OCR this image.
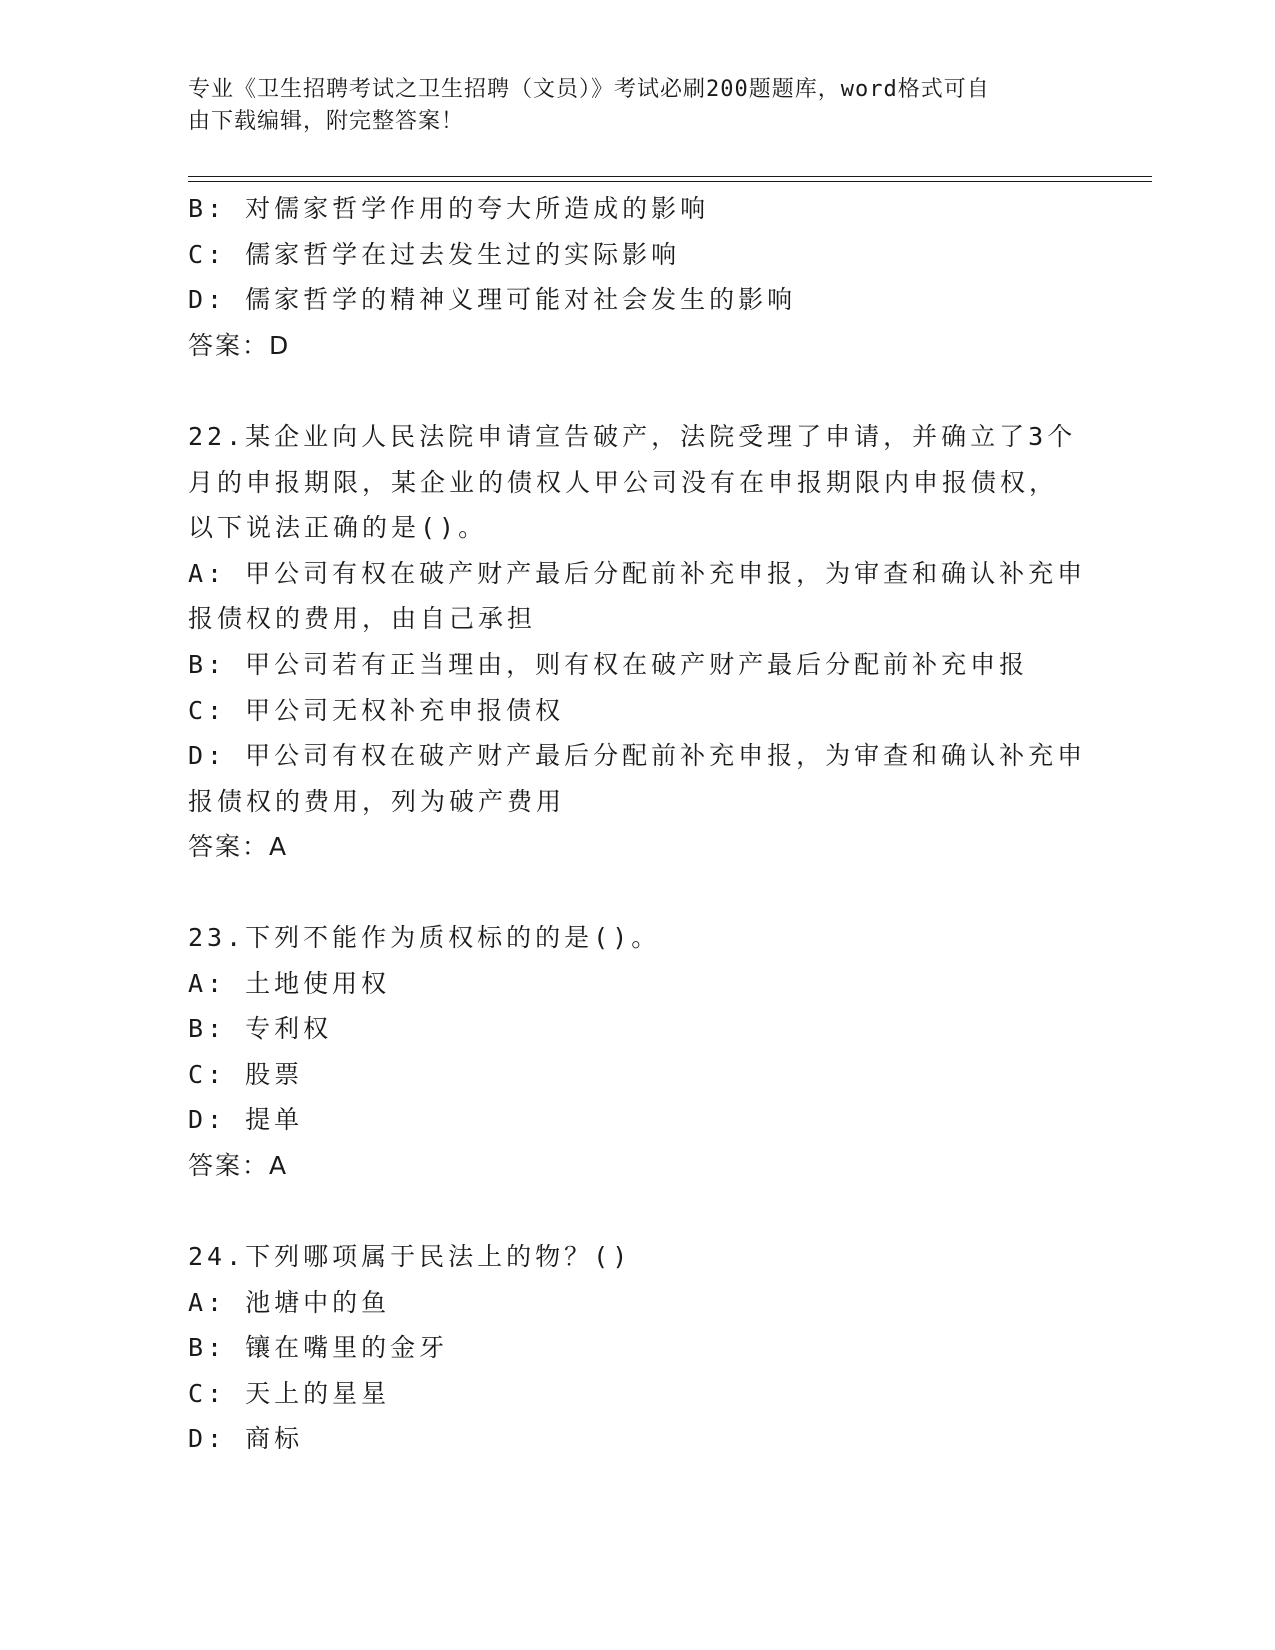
专业《卫生招聘考试之卫生招聘（文员）》考试必刷200题题库，word格式可自
由下载编辑，附完整答案！
B: 对儒家哲学作用的夸大所造成的影响
C: 儒家哲学在过去发生过的实际影响
D: 儒家哲学的精神义理可能对社会发生的影响
答案：D
22.某企业向人民法院申请宣告破产，法院受理了申请，并确立了3个
月的申报期限，某企业的债权人甲公司没有在申报期限内申报债权，
以下说法正确的是()。
A: 甲公司有权在破产财产最后分配前补充申报，为审查和确认补充申
报债权的费用，由自己承担
B: 甲公司若有正当理由，则有权在破产财产最后分配前补充申报
C: 甲公司无权补充申报债权
D: 甲公司有权在破产财产最后分配前补充申报，为审查和确认补充申
报债权的费用，列为破产费用
答案：A
23.下列不能作为质权标的的是()。
A: 土地使用权
B: 专利权
C: 股票
D: 提单
答案：A
24.下列哪项属于民法上的物？()
A: 池塘中的鱼
B: 镶在嘴里的金牙
C: 天上的星星
D: 商标
